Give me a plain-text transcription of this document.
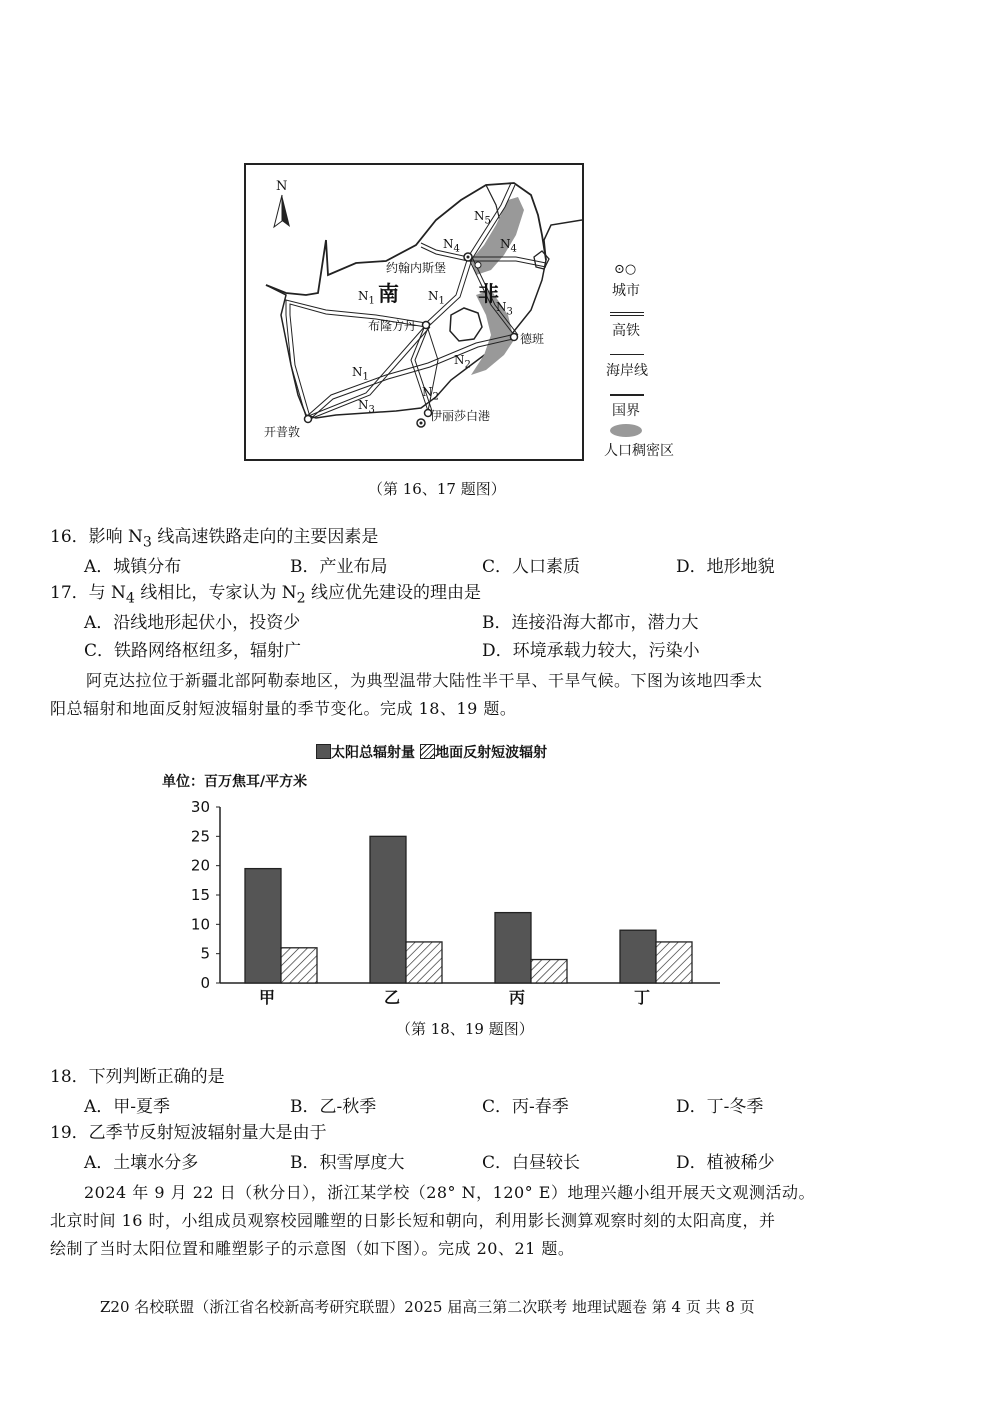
N
南	非
约翰内斯堡
布隆方丹
德班
伊丽莎白港
开普敦
$N_5$
$N_4$	$N_4$
$N_1$	$N_1$	$N_3$
$N_2$
$N_1$
$N_2$
$N_3$
⊙○
城市
高铁
海岸线
国界
人口稠密区
（第 16、17 题图）
16．影响 $N_3$ 线高速铁路走向的主要因素是
A．城镇分布	B．产业布局	C．人口素质	D．地形地貌
17．与 $N_4$ 线相比，专家认为 $N_2$ 线应优先建设的理由是
A．沿线地形起伏小，投资少	B．连接沿海大都市，潜力大
C．铁路网络枢纽多，辐射广	D．环境承载力较大，污染小
阿克达拉位于新疆北部阿勒泰地区，为典型温带大陆性半干旱、干旱气候。下图为该地四季太
阳总辐射和地面反射短波辐射量的季节变化。完成 18、19 题。
太阳总辐射量 地面反射短波辐射
单位：百万焦耳/平方米
0
5
10
15
20
25
30
甲	乙	丙	丁
（第 18、19 题图）
18．下列判断正确的是
A．甲-夏季	B．乙-秋季	C．丙-春季	D．丁-冬季
19．乙季节反射短波辐射量大是由于
A．土壤水分多	B．积雪厚度大	C．白昼较长	D．植被稀少
2024 年 9 月 22 日（秋分日），浙江某学校（28° N，120° E）地理兴趣小组开展天文观测活动。
北京时间 16 时，小组成员观察校园雕塑的日影长短和朝向，利用影长测算观察时刻的太阳高度，并
绘制了当时太阳位置和雕塑影子的示意图（如下图）。完成 20、21 题。
Z20 名校联盟（浙江省名校新高考研究联盟）2025 届高三第二次联考 地理试题卷 第 4 页 共 8 页
